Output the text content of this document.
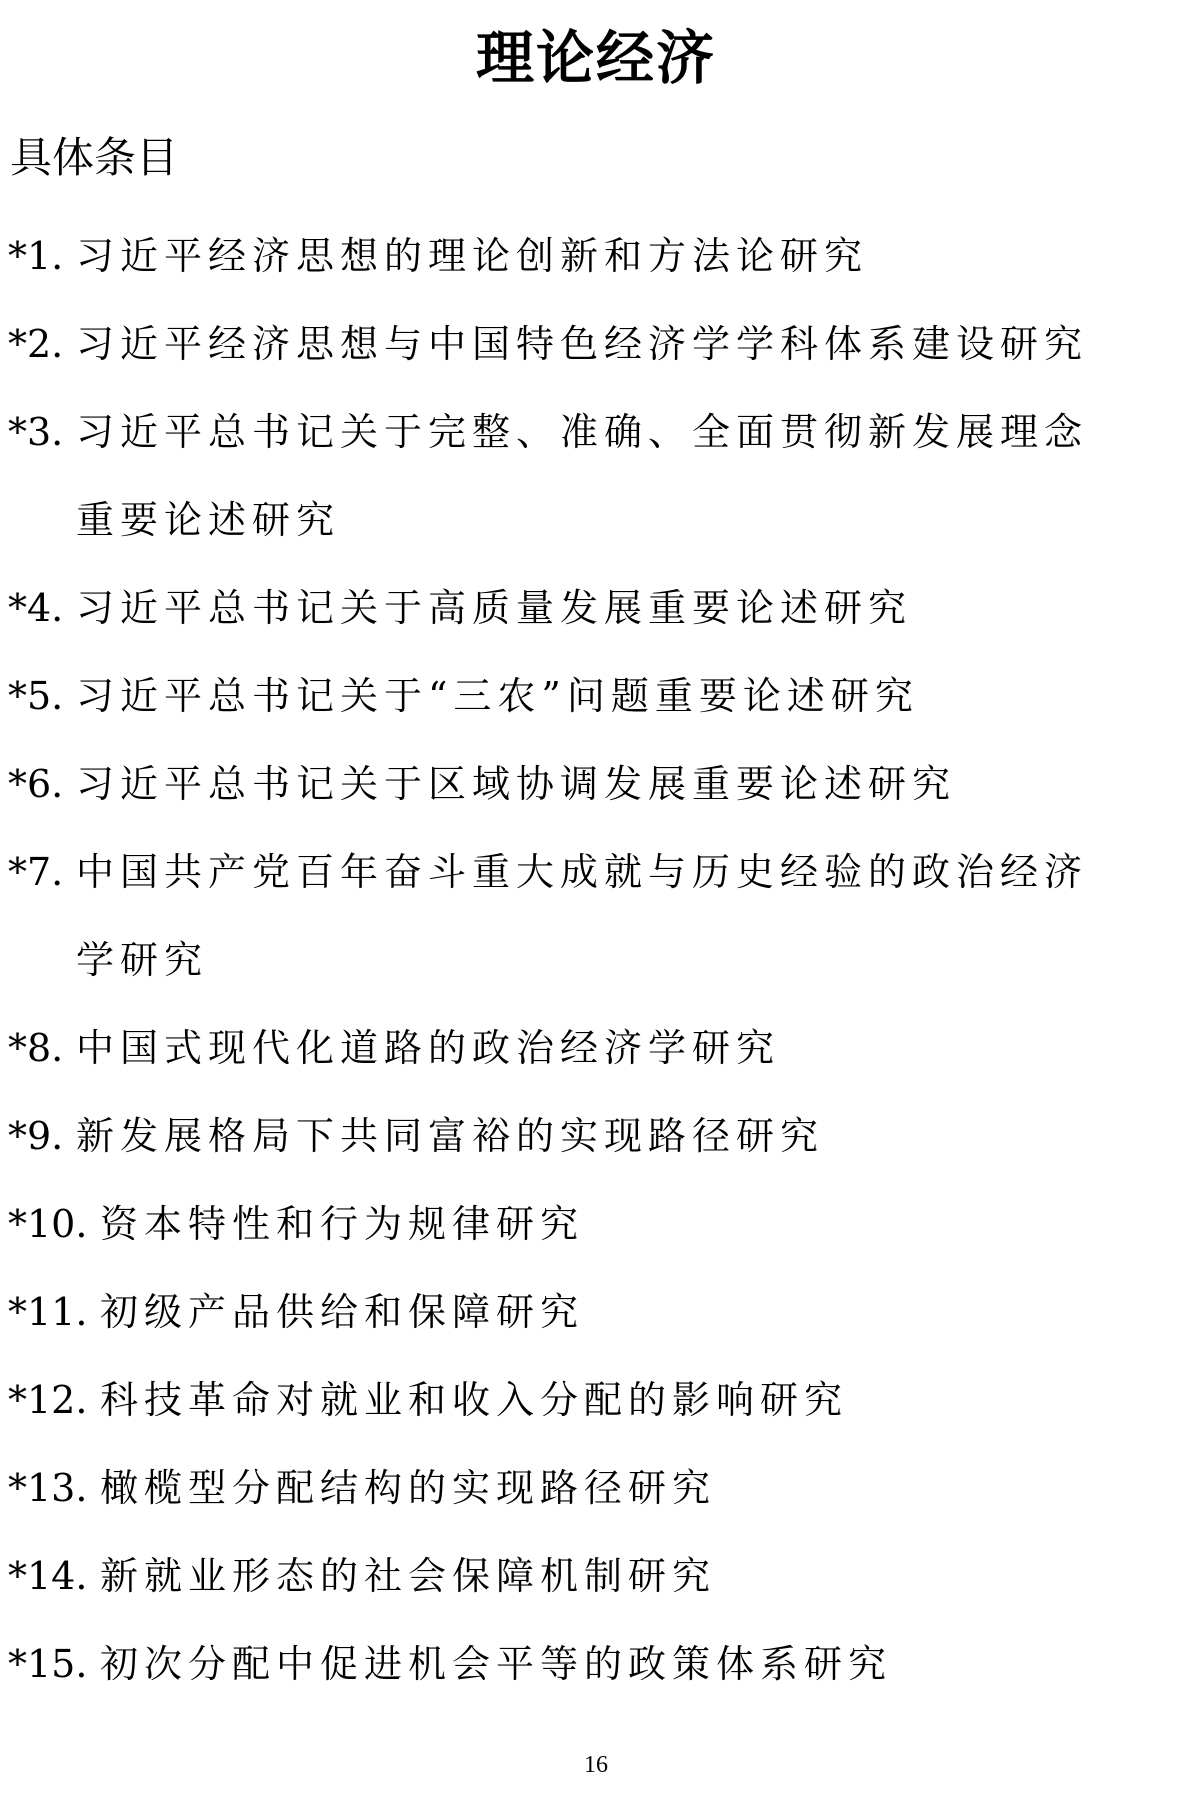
理论经济
具体条目
*1. 习近平经济思想的理论创新和方法论研究
*2. 习近平经济思想与中国特色经济学学科体系建设研究
*3. 习近平总书记关于完整、准确、全面贯彻新发展理念重要论述研究
*4. 习近平总书记关于高质量发展重要论述研究
*5. 习近平总书记关于“三农”问题重要论述研究
*6. 习近平总书记关于区域协调发展重要论述研究
*7. 中国共产党百年奋斗重大成就与历史经验的政治经济学研究
*8. 中国式现代化道路的政治经济学研究
*9. 新发展格局下共同富裕的实现路径研究
*10. 资本特性和行为规律研究
*11. 初级产品供给和保障研究
*12. 科技革命对就业和收入分配的影响研究
*13. 橄榄型分配结构的实现路径研究
*14. 新就业形态的社会保障机制研究
*15. 初次分配中促进机会平等的政策体系研究
16
